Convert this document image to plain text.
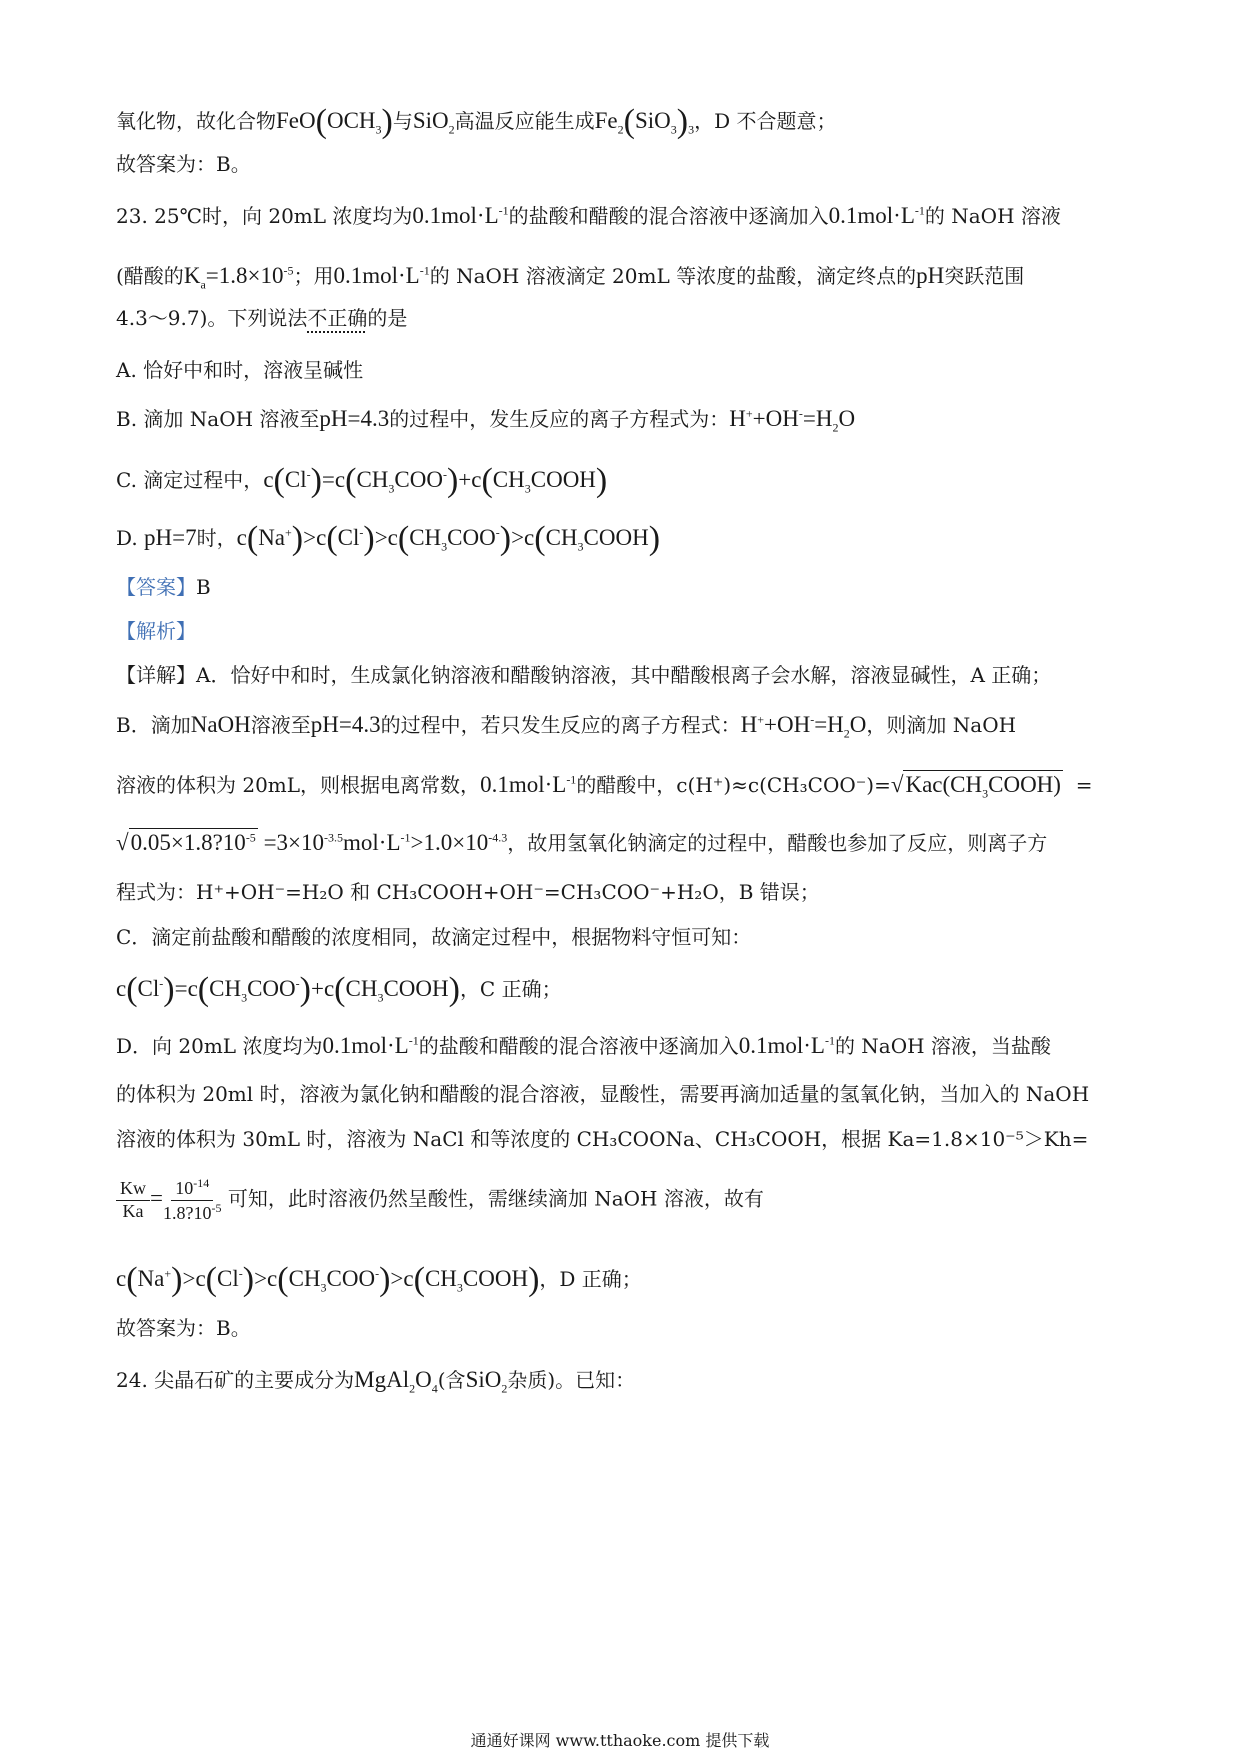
氧化物，故化合物$FeO(OCH_3)$与SiO$_2$高温反应能生成$Fe_2(SiO_3)_3$，D 不合题意；
故答案为：B。
23. 25℃时，向 20mL 浓度均为$0.1mol\cdot L^{-1}$的盐酸和醋酸的混合溶液中逐滴加入$0.1mol\cdot L^{-1}$的 NaOH 溶液
(醋酸的$K_a=1.8\times 10^{-5}$；用$0.1mol\cdot L^{-1}$的 NaOH 溶液滴定 20mL 等浓度的盐酸，滴定终点的pH突跃范围
4.3～9.7)。下列说法不正确的是
A. 恰好中和时，溶液呈碱性
B. 滴加 NaOH 溶液至pH=4.3的过程中，发生反应的离子方程式为：$H^++OH^-=H_2O$
C. 滴定过程中，$c(Cl^-)=c(CH_3COO^-)+c(CH_3COOH)$
D. pH=7时，$c(Na^+)>c(Cl^-)>c(CH_3COO^-)>c(CH_3COOH)$
【答案】B
【解析】
【详解】A．恰好中和时，生成氯化钠溶液和醋酸钠溶液，其中醋酸根离子会水解，溶液显碱性，A 正确；
B．滴加NaOH溶液至pH=4.3的过程中，若只发生反应的离子方程式：$H^++OH^-=H_2O$，则滴加 NaOH
溶液的体积为 20mL，则根据电离常数，$0.1mol\cdot L^{-1}$的醋酸中，$c(H^+)\approx c(CH_3COO^-)=√Kac(CH_3COOH)$ =
$√0.05\times 1.8?10^{-5} =3\times 10^{-3.5}mol\cdot L^{-1}>1.0\times 10^{-4.3}$，故用氢氧化钠滴定的过程中，醋酸也参加了反应，则离子方
程式为：H⁺+OH⁻=H₂O 和 CH₃COOH+OH⁻=CH₃COO⁻+H₂O，B 错误；
C．滴定前盐酸和醋酸的浓度相同，故滴定过程中，根据物料守恒可知：
$c(Cl^-)=c(CH_3COO^-)+c(CH_3COOH)$，C 正确；
D．向 20mL 浓度均为$0.1mol\cdot L^{-1}$的盐酸和醋酸的混合溶液中逐滴加入$0.1mol\cdot L^{-1}$的 NaOH 溶液，当盐酸
的体积为 20ml 时，溶液为氯化钠和醋酸的混合溶液，显酸性，需要再滴加适量的氢氧化钠，当加入的 NaOH
溶液的体积为 30mL 时，溶液为 NaCl 和等浓度的 CH₃COONa、CH₃COOH，根据 Ka=1.8×10⁻⁵＞Kh=
$\frac{Kw}{Ka} = \frac{10^{-14}}{1.8?10^{-5}}$ 可知，此时溶液仍然呈酸性，需继续滴加 NaOH 溶液，故有
$c(Na^+)>c(Cl^-)>c(CH_3COO^-)>c(CH_3COOH)$，D 正确；
故答案为：B。
24. 尖晶石矿的主要成分为$MgAl_2O_4$(含SiO$_2$杂质)。已知：
通通好课网 www.tthaoke.com 提供下载
